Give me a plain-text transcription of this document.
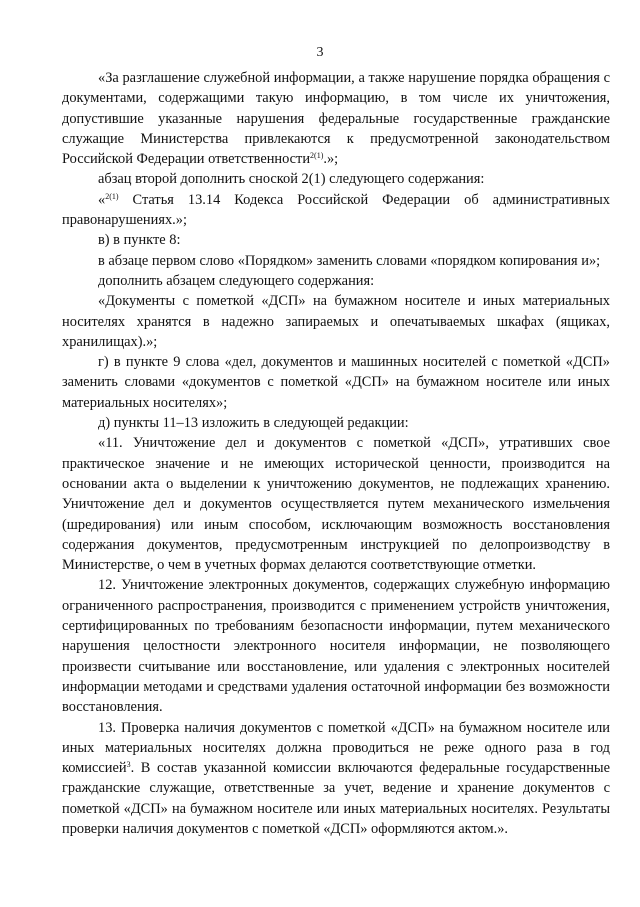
3

«За разглашение служебной информации, а также нарушение порядка обращения с документами, содержащими такую информацию, в том числе их уничтожения, допустившие указанные нарушения федеральные государственные гражданские служащие Министерства привлекаются к предусмотренной законодательством Российской Федерации ответственности$^{2(1)}$.»;

абзац второй дополнить сноской 2(1) следующего содержания:

«$^{2(1)}$ Статья 13.14 Кодекса Российской Федерации об административных правонарушениях.»;

в) в пункте 8:

в абзаце первом слово «Порядком» заменить словами «порядком копирования и»;

дополнить абзацем следующего содержания:

«Документы с пометкой «ДСП» на бумажном носителе и иных материальных носителях хранятся в надежно запираемых и опечатываемых шкафах (ящиках, хранилищах).»;

г) в пункте 9 слова «дел, документов и машинных носителей с пометкой «ДСП» заменить словами «документов с пометкой «ДСП» на бумажном носителе или иных материальных носителях»;

д) пункты 11–13 изложить в следующей редакции:

«11. Уничтожение дел и документов с пометкой «ДСП», утративших свое практическое значение и не имеющих исторической ценности, производится на основании акта о выделении к уничтожению документов, не подлежащих хранению. Уничтожение дел и документов осуществляется путем механического измельчения (шредирования) или иным способом, исключающим возможность восстановления содержания документов, предусмотренным инструкцией по делопроизводству в Министерстве, о чем в учетных формах делаются соответствующие отметки.

12. Уничтожение электронных документов, содержащих служебную информацию ограниченного распространения, производится с применением устройств уничтожения, сертифицированных по требованиям безопасности информации, путем механического нарушения целостности электронного носителя информации, не позволяющего произвести считывание или восстановление, или удаления с электронных носителей информации методами и средствами удаления остаточной информации без возможности восстановления.

13. Проверка наличия документов с пометкой «ДСП» на бумажном носителе или иных материальных носителях должна проводиться не реже одного раза в год комиссией$^3$. В состав указанной комиссии включаются федеральные государственные гражданские служащие, ответственные за учет, ведение и хранение документов с пометкой «ДСП» на бумажном носителе или иных материальных носителях. Результаты проверки наличия документов с пометкой «ДСП» оформляются актом.».
